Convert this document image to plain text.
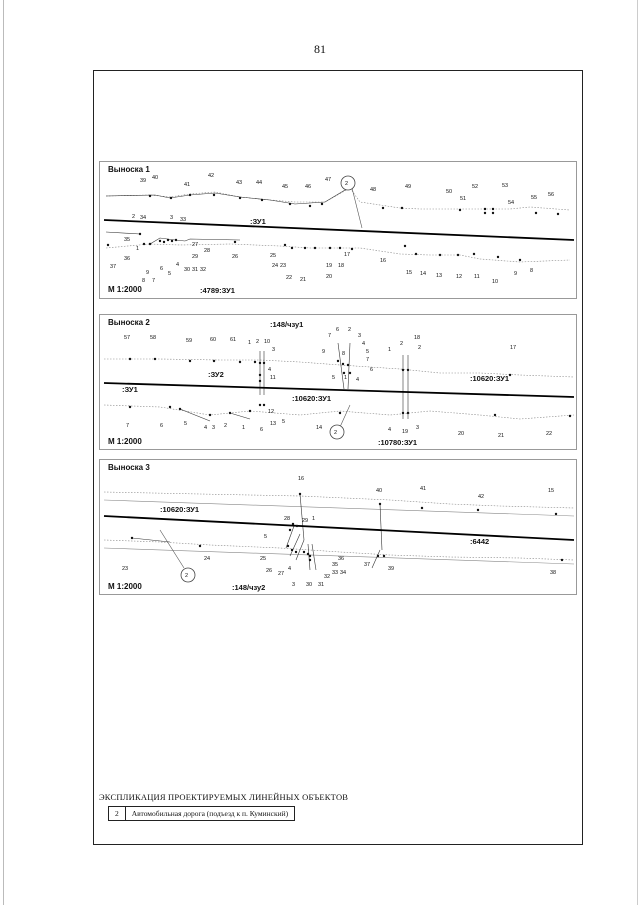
81
2
39 40
41
42
43	44
45	46
47
48	49
50
51
52	53
54
55 56
2 34	3 33
35
1
36
37
9
8 7
6
5
4
30 31 32
27
28
29	26	25
24 23
22 21	20
19 18
17
16
15 14 13	12 11
10
9 8
:ЗУ1
:4789:ЗУ1
Выноска 1
М 1:2000
2
57	58	59	60	61 1 2 10
3
4
11
9
7
6 2
3
4
5
7
6
8
5 1 4
1
2
18
2	17
7	6	5
4 3 2	1
12
13
6
5
14	4 19
3
20	21	22
:148/чзу1
:ЗУ2
:10620:ЗУ1
:ЗУ1
:10620:ЗУ1
:10780:ЗУ1
Выноска 2
М 1:2000
2
16
40	41
42
15
28 29 1
5
23
24	25
26 27
4
3 30 31
32
33 34
35
36
37
39
38
:10620:ЗУ1
:6442
:148/чзу2
Выноска 3
М 1:2000
ЭКСПЛИКАЦИЯ ПРОЕКТИРУЕМЫХ ЛИНЕЙНЫХ ОБЪЕКТОВ
2	Автомобильная дорога (подъезд к п. Куминский)
